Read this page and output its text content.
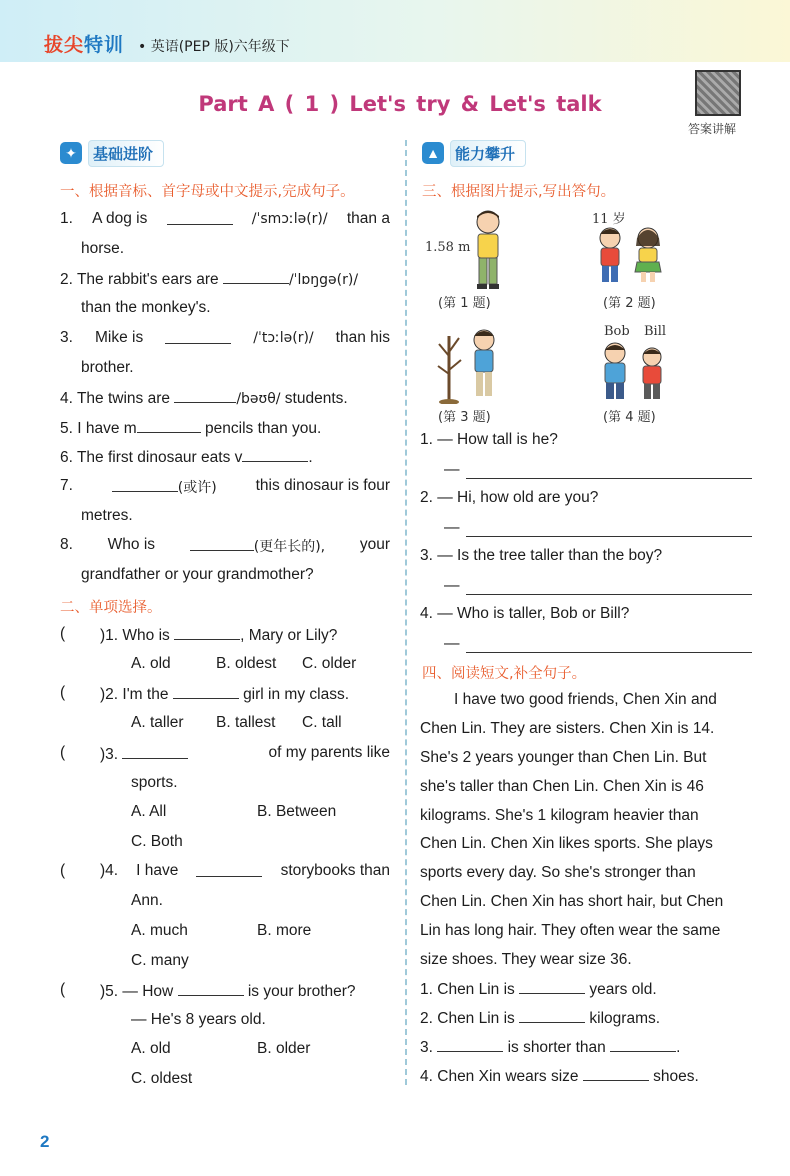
拔尖特训 • 英语(PEP 版)六年级下
Part A ( 1 ) Let's try & Let's talk
答案讲解
✦	基础进阶
一、根据音标、首字母或中文提示,完成句子。
1. A dog is	/ˈsmɔːlə(r)/ than a
horse.
2. The rabbit's ears are	/ˈlɒŋgə(r)/
than the monkey's.
3. Mike is	/ˈtɔːlə(r)/ than his
brother.
4. The twins are	/bəʊθ/ students.
5. I have m	pencils than you.
6. The first dinosaur eats v	.
7.	(或许)	this dinosaur is four
metres.
8. Who is	(更年长的), your
grandfather or your grandmother?
二、单项选择。
( )1. Who is	, Mary or Lily?
A. old	B. oldest C. older
( )2. I'm the	girl in my class.
A. taller B. tallest C. tall
( )3.	of my parents like
sports.
A. All	B. Between
C. Both
( )4. I have	storybooks than
Ann.
A. much	B. more
C. many
( )5. — How	is your brother?
— He's 8 years old.
A. old	B. older
C. oldest
▲	能力攀升
三、根据图片提示,写出答句。
1.58 m
(第 1 题)
11 岁
(第 2 题)
(第 3 题)
Bob Bill
(第 4 题)
1. — How tall is he?
—
2. — Hi, how old are you?
—
3. — Is the tree taller than the boy?
—
4. — Who is taller, Bob or Bill?
—
四、阅读短文,补全句子。
I have two good friends, Chen Xin and
Chen Lin. They are sisters. Chen Xin is 14.
She's 2 years younger than Chen Lin. But
she's taller than Chen Lin. Chen Xin is 46
kilograms. She's 1 kilogram heavier than
Chen Lin. Chen Xin likes sports. She plays
sports every day. So she's stronger than
Chen Lin. Chen Xin has short hair, but Chen
Lin has long hair. They often wear the same
size shoes. They wear size 36.
1. Chen Lin is	years old.
2. Chen Lin is	kilograms.
3.	is shorter than	.
4. Chen Xin wears size	shoes.
2
